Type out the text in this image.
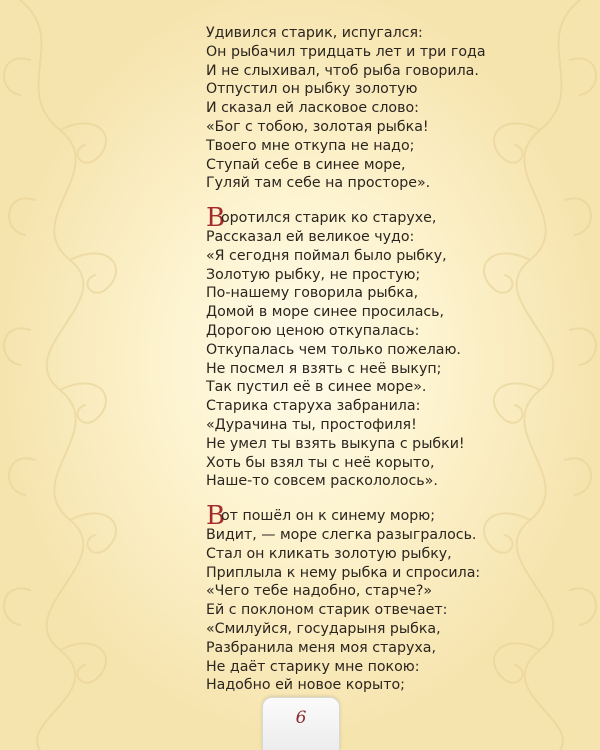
Удивился старик, испугался:
Он рыбачил тридцать лет и три года
И не слыхивал, чтоб рыба говорила.
Отпустил он рыбку золотую
И сказал ей ласковое слово:
«Бог с тобою, золотая рыбка!
Твоего мне откупа не надо;
Ступай себе в синее море,
Гуляй там себе на просторе».
Воротился старик ко старухе,
Рассказал ей великое чудо:
«Я сегодня поймал было рыбку,
Золотую рыбку, не простую;
По-нашему говорила рыбка,
Домой в море синее просилась,
Дорогою ценою откупалась:
Откупалась чем только пожелаю.
Не посмел я взять с неё выкуп;
Так пустил её в синее море».
Старика старуха забранила:
«Дурачина ты, простофиля!
Не умел ты взять выкупа с рыбки!
Хоть бы взял ты с неё корыто,
Наше-то совсем раскололось».
Вот пошёл он к синему морю;
Видит, — море слегка разыгралось.
Стал он кликать золотую рыбку,
Приплыла к нему рыбка и спросила:
«Чего тебе надобно, старче?»
Ей с поклоном старик отвечает:
«Смилуйся, государыня рыбка,
Разбранила меня моя старуха,
Не даёт старику мне покою:
Надобно ей новое корыто;
6
